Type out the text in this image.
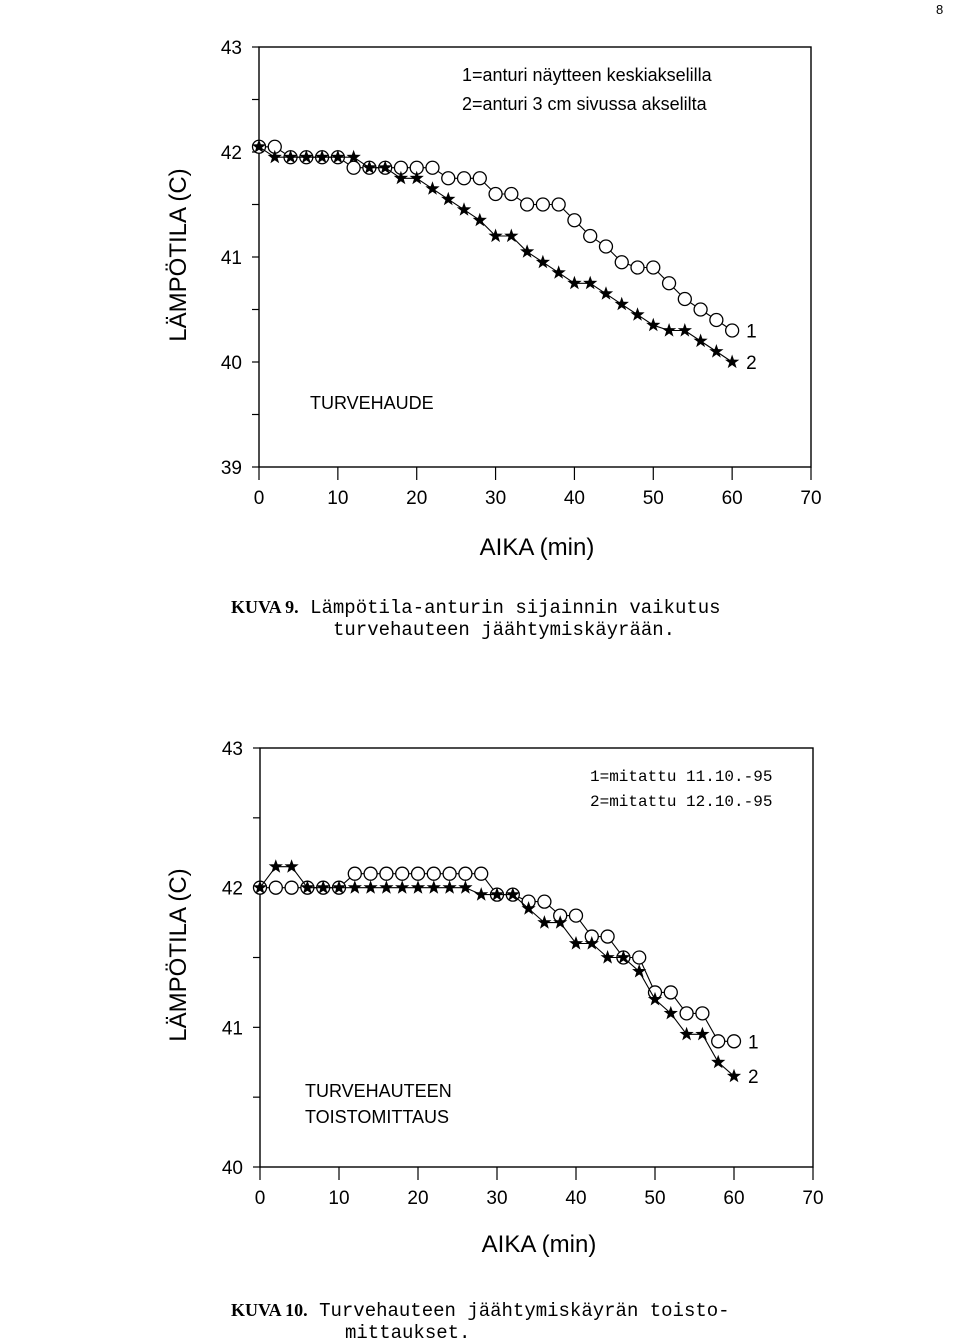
8
LÄMPÖTILA (C)
AIKA (min)
1=anturi näytteen keskiakselilla
2=anturi 3 cm sivussa akselilta
TURVEHAUDE
39
40
41
42
43
0	10	20	30	40	50	60	70
1
2
KUVA 9. Lämpötila-anturin sijainnin vaikutus
turvehauteen jäähtymiskäyrään.
LÄMPÖTILA (C)
AIKA (min)
1=mitattu 11.10.-95
2=mitattu 12.10.-95
TURVEHAUTEEN
TOISTOMITTAUS
40
41
42
43
0	10	20	30	40	50	60	70
1
2
KUVA 10. Turvehauteen jäähtymiskäyrän toisto-
mittaukset.
